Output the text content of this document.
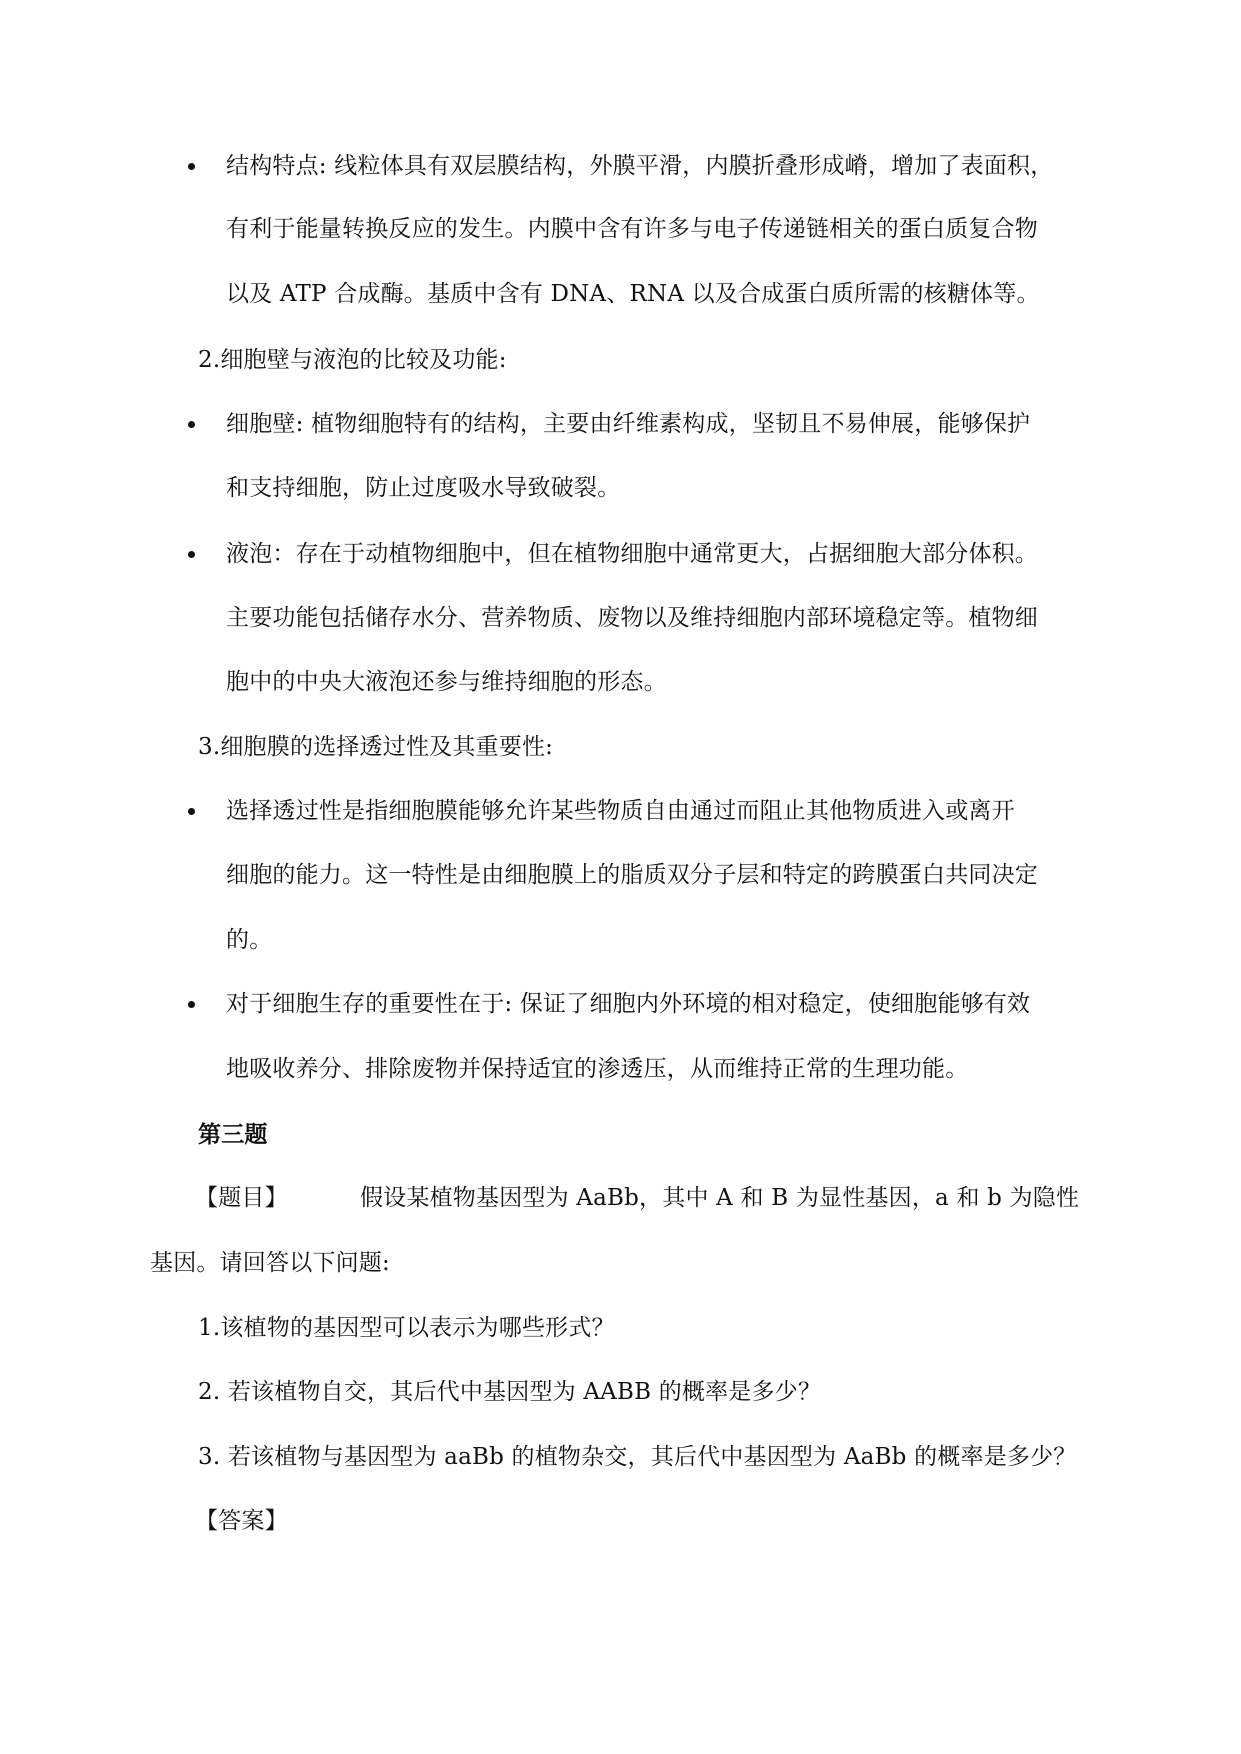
结构特点: 线粒体具有双层膜结构，外膜平滑，内膜折叠形成嵴，增加了表面积，
有利于能量转换反应的发生。内膜中含有许多与电子传递链相关的蛋白质复合物
以及 ATP 合成酶。基质中含有 DNA、RNA 以及合成蛋白质所需的核糖体等。
2.细胞壁与液泡的比较及功能:
细胞壁: 植物细胞特有的结构，主要由纤维素构成，坚韧且不易伸展，能够保护
和支持细胞，防止过度吸水导致破裂。
液泡：存在于动植物细胞中，但在植物细胞中通常更大，占据细胞大部分体积。
主要功能包括储存水分、营养物质、废物以及维持细胞内部环境稳定等。植物细
胞中的中央大液泡还参与维持细胞的形态。
3.细胞膜的选择透过性及其重要性:
选择透过性是指细胞膜能够允许某些物质自由通过而阻止其他物质进入或离开
细胞的能力。这一特性是由细胞膜上的脂质双分子层和特定的跨膜蛋白共同决定
的。
对于细胞生存的重要性在于: 保证了细胞内外环境的相对稳定，使细胞能够有效
地吸收养分、排除废物并保持适宜的渗透压，从而维持正常的生理功能。
第三题
【题目】	假设某植物基因型为 AaBb，其中 A 和 B 为显性基因，a 和 b 为隐性
基因。请回答以下问题:
1.该植物的基因型可以表示为哪些形式？
2. 若该植物自交，其后代中基因型为 AABB 的概率是多少？
3. 若该植物与基因型为 aaBb 的植物杂交，其后代中基因型为 AaBb 的概率是多少？
【答案】
